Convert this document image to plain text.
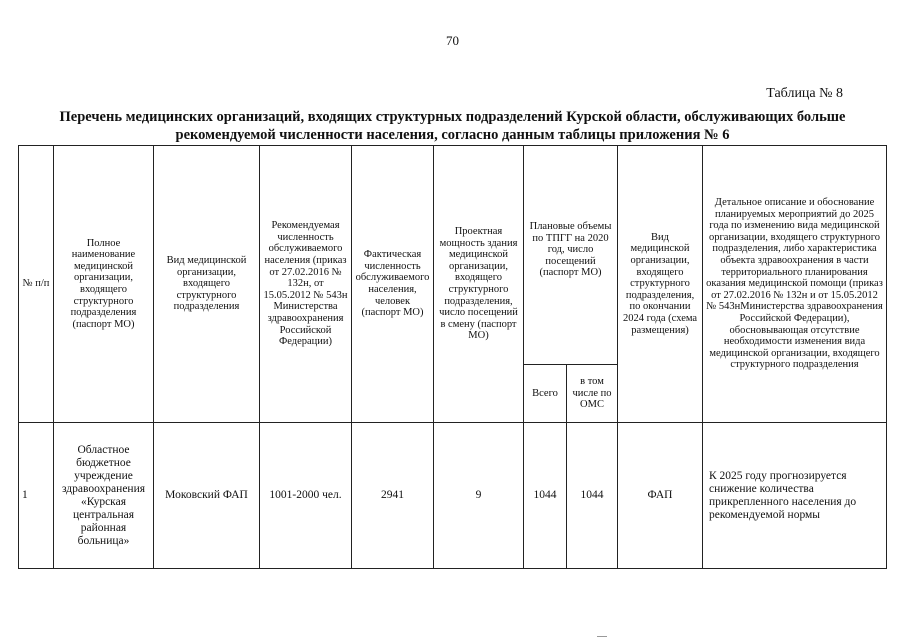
70
Таблица № 8
Перечень медицинских организаций, входящих структурных подразделений Курской области, обслуживающих больше
рекомендуемой численности населения, согласно данным таблицы приложения № 6
№ п/п	Полное наименование медицинской организации, входящего структурного подразделения (паспорт МО)	Вид медицинской организации, входящего структурного подразделения	Рекомендуемая численность обслуживаемого населения (приказ от 27.02.2016 № 132н, от 15.05.2012 № 543н Министерства здравоохранения Российской Федерации)	Фактическая численность обслуживаемого населения, человек (паспорт МО)	Проектная мощность здания медицинской организации, входящего структурного подразделения, число посещений в смену (паспорт МО)	Плановые объемы по ТПГГ на 2020 год, число посещений (паспорт МО)		Вид медицинской организации, входящего структурного подразделения, по окончании 2024 года (схема размещения)	Детальное описание и обоснование планируемых мероприятий до 2025 года по изменению вида медицинской организации, входящего структурного подразделения, либо характеристика объекта здравоохранения в части территориального планирования оказания медицинской помощи (приказ от 27.02.2016 № 132н и от 15.05.2012 № 543нМинистерства здравоохранения Российской Федерации), обосновывающая отсутствие необходимости изменения вида медицинской организации, входящего структурного подразделения
						Всего	в том числе по ОМС		
1	Областное бюджетное учреждение здравоохранения «Курская центральная районная больница»	Моковский ФАП	1001-2000 чел.	2941	9	1044	1044	ФАП	К 2025 году прогнозируется снижение количества прикрепленного населения до рекомендуемой нормы
